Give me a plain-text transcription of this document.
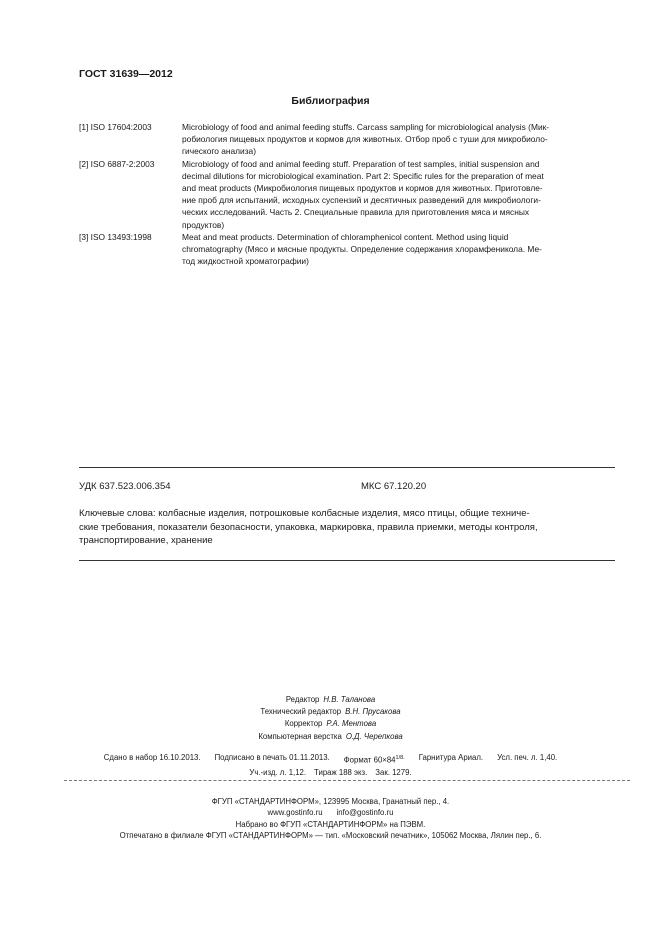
ГОСТ 31639—2012
Библиография
[1] ISO 17604:2003	Microbiology of food and animal feeding stuffs. Carcass sampling for microbiological analysis (Мик-
робиология пищевых продуктов и кормов для животных. Отбор проб с туши для микробиоло-
гического анализа)
[2] ISO 6887-2:2003	Microbiology of food and animal feeding stuff. Preparation of test samples, initial suspension and
decimal dilutions for microbiological examination. Part 2: Specific rules for the preparation of meat
and meat products (Микробиология пищевых продуктов и кормов для животных. Приготовле-
ние проб для испытаний, исходных суспензий и десятичных разведений для микробиологи-
ческих исследований. Часть 2. Специальные правила для приготовления мяса и мясных
продуктов)
[3] ISO 13493:1998	Meat and meat products. Determination of chloramphenicol content. Method using liquid
chromatography (Мясо и мясные продукты. Определение содержания хлорамфеникола. Ме-
тод жидкостной хроматографии)
УДК 637.523.006.354	МКС 67.120.20
Ключевые слова: колбасные изделия, потрошковые колбасные изделия, мясо птицы, общие техниче-
ские требования, показатели безопасности, упаковка, маркировка, правила приемки, методы контроля,
транспортирование, хранение
Редактор Н.В. Таланова
Технический редактор В.Н. Прусакова
Корректор Р.А. Ментова
Компьютерная верстка О.Д. Черепкова
Сдано в набор 16.10.2013. Подписано в печать 01.11.2013. Формат $60\times 84^{1/8.}$ Гарнитура Ариал. Усл. печ. л. 1,40.
Уч.-изд. л. 1,12. Тираж 188 экз. Зак. 1279.
ФГУП «СТАНДАРТИНФОРМ», 123995 Москва, Гранатный пер., 4.
www.gostinfo.ru info@gostinfo.ru
Набрано во ФГУП «СТАНДАРТИНФОРМ» на ПЭВМ.
Отпечатано в филиале ФГУП «СТАНДАРТИНФОРМ» — тип. «Московский печатник», 105062 Москва, Лялин пер., 6.
